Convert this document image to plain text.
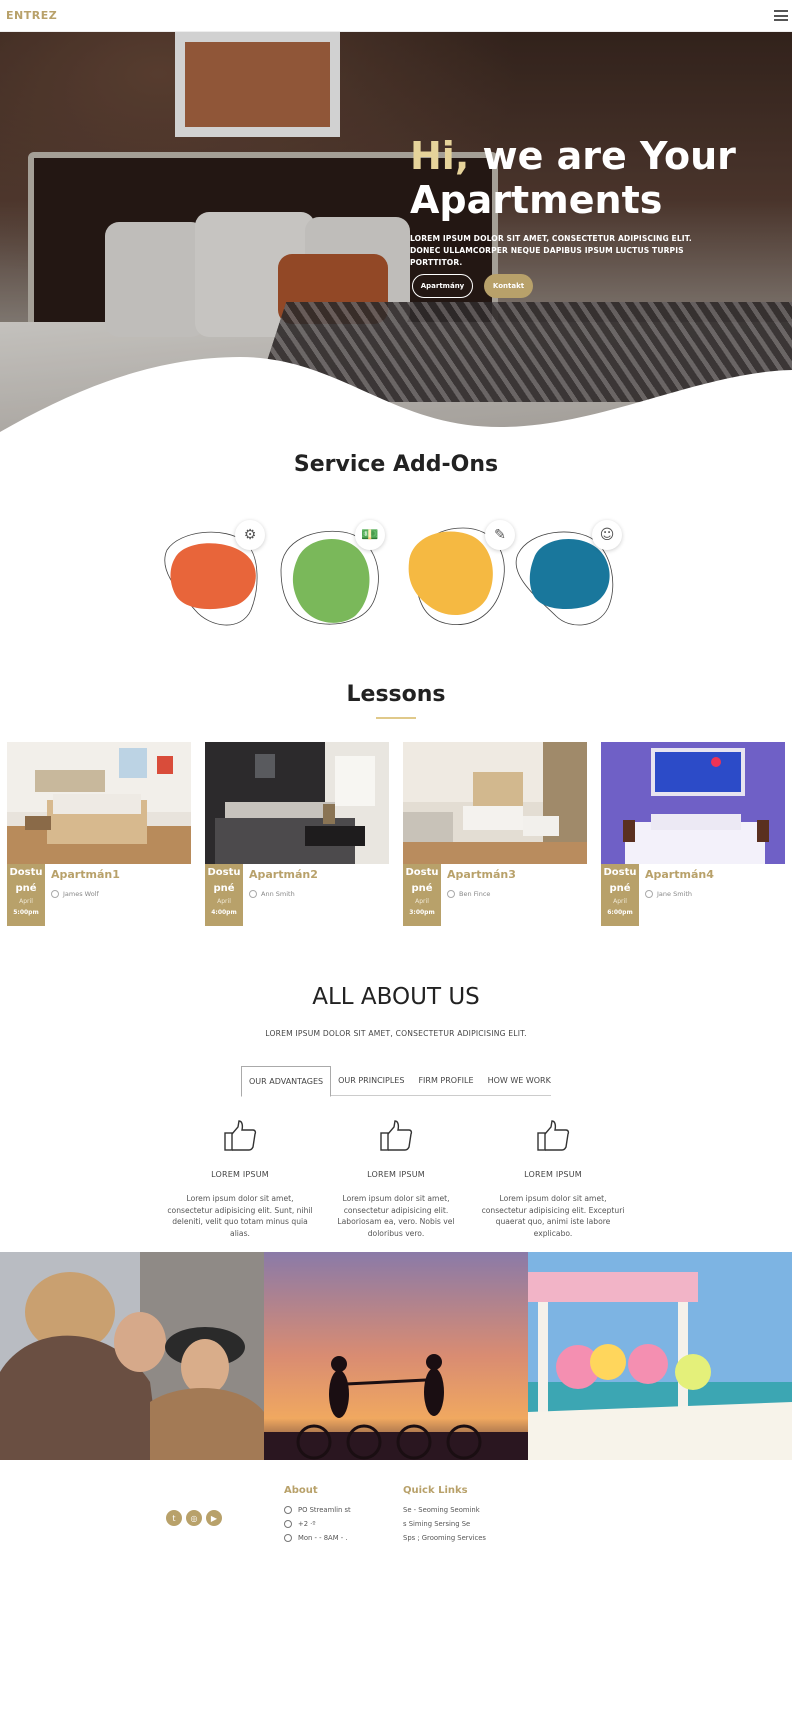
ENTREZ
Hi, we are Your Apartments
LOREM IPSUM DOLOR SIT AMET, CONSECTETUR ADIPISCING ELIT. DONEC ULLAMCORPER NEQUE DAPIBUS IPSUM LUCTUS TURPIS PORTTITOR.
Apartmány	Kontakt
Service Add-Ons
⚙	💵	✎	☺
Lessons
Dostu
pné
April
5:00pm
Apartmán1
James Wolf
Dostu
pné
April
4:00pm
Apartmán2
Ann Smith
Dostu
pné
April
3:00pm
Apartmán3
Ben Fince
Dostu
pné
April
6:00pm
Apartmán4
Jane Smith
ALL ABOUT US
LOREM IPSUM DOLOR SIT AMET, CONSECTETUR ADIPICISING ELIT.
OUR ADVANTAGES	OUR PRINCIPLES	FIRM PROFILE	HOW WE WORK
LOREM IPSUM
Lorem ipsum dolor sit amet, consectetur adipisicing elit. Sunt, nihil deleniti, velit quo totam minus quia alias.
LOREM IPSUM
Lorem ipsum dolor sit amet, consectetur adipisicing elit. Laboriosam ea, vero. Nobis vel doloribus vero.
LOREM IPSUM
Lorem ipsum dolor sit amet, consectetur adipisicing elit. Excepturi quaerat quo, animi iste labore explicabo.
t	◎	▶
About
PO Streamlin st
+2 ·º
Mon - - 8AM - .
Quick Links
Se - Seoming Seomink
s Siming Sersing Se
Sps ; Grooming Services
